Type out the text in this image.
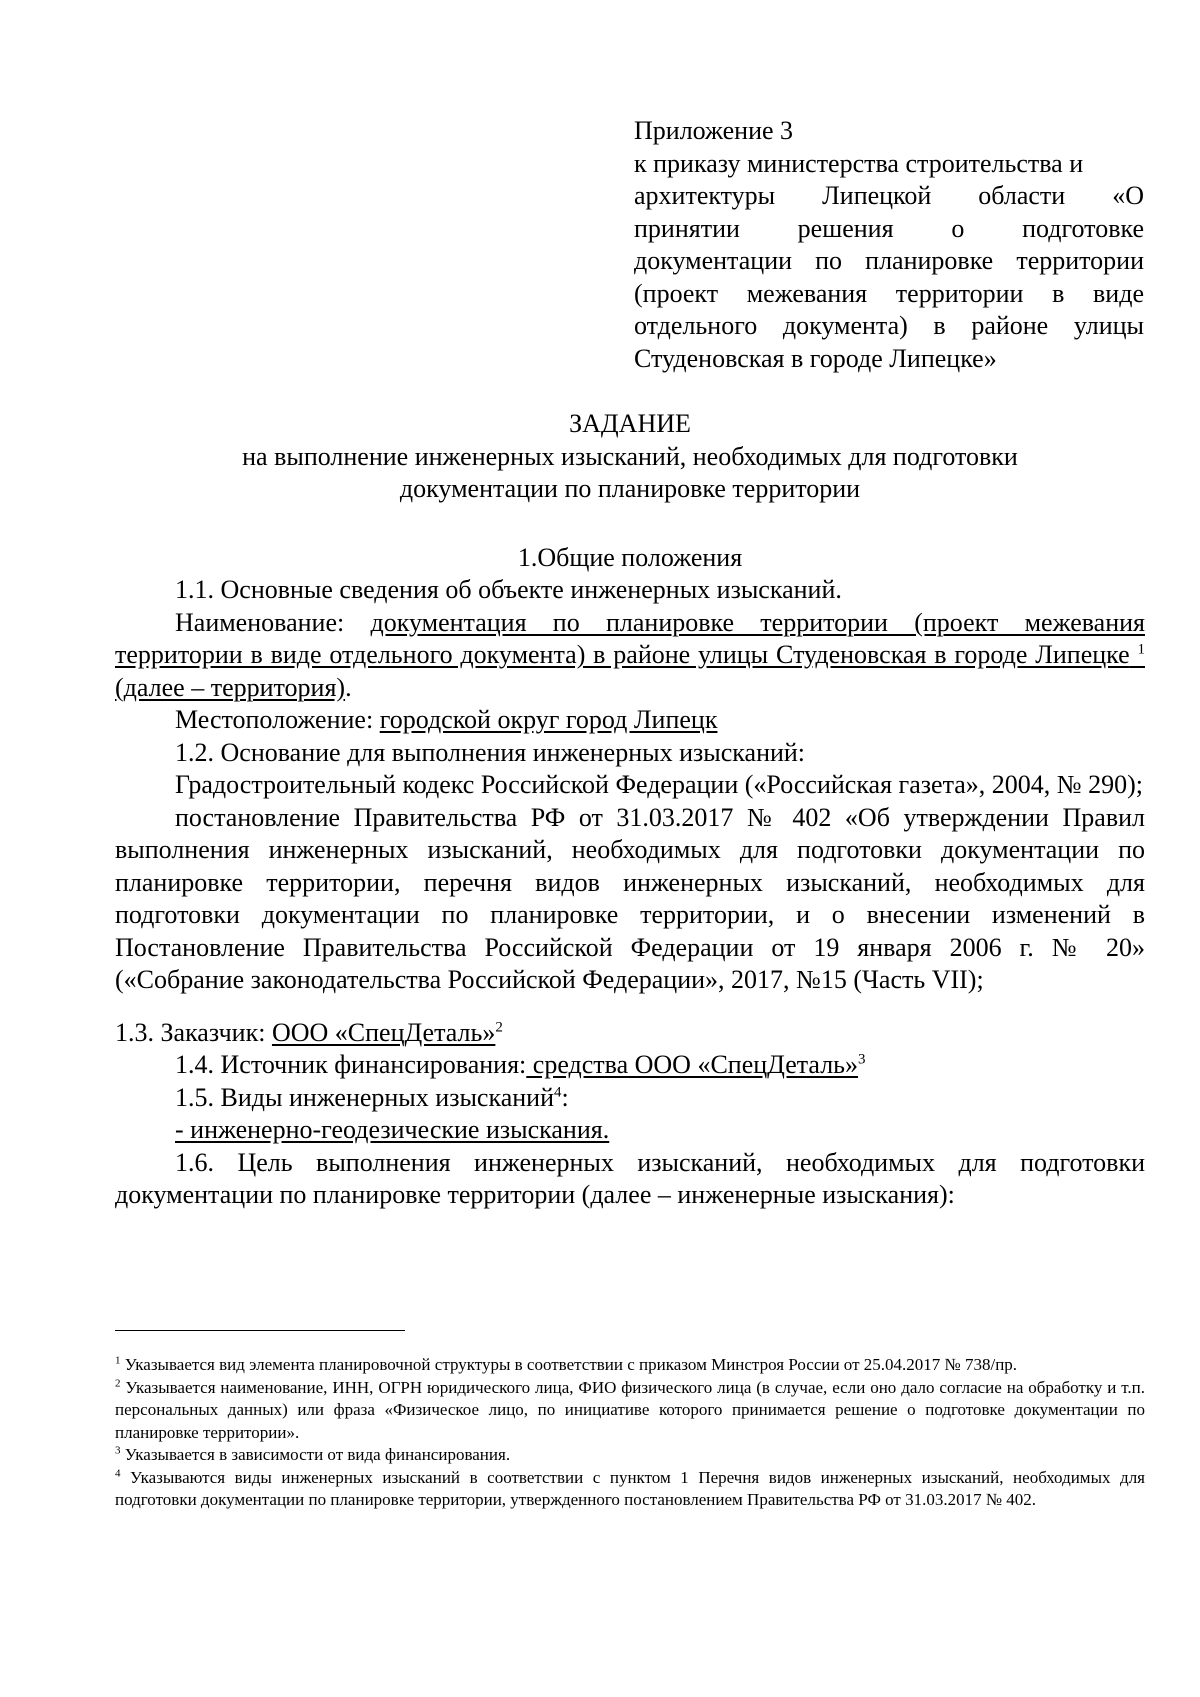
Приложение 3
к приказу министерства строительства и
архитектуры Липецкой области «О
принятии решения о подготовке
документации по планировке территории
(проект межевания территории в виде
отдельного документа) в районе улицы
Студеновская в городе Липецке»
ЗАДАНИЕ
на выполнение инженерных изысканий, необходимых для подготовки
документации по планировке территории
1.Общие положения

1.1. Основные сведения об объекте инженерных изысканий.

Наименование: документация по планировке территории (проект межевания территории в виде отдельного документа) в районе улицы Студеновская в городе Липецке $^1$ (далее – территория).

Местоположение: городской округ город Липецк

1.2. Основание для выполнения инженерных изысканий:

Градостроительный кодекс Российской Федерации («Российская газета», 2004, № 290);

постановление Правительства РФ от 31.03.2017 № 402 «Об утверждении Правил выполнения инженерных изысканий, необходимых для подготовки документации по планировке территории, перечня видов инженерных изысканий, необходимых для подготовки документации по планировке территории, и о внесении изменений в Постановление Правительства Российской Федерации от 19 января 2006 г. № 20» («Собрание законодательства Российской Федерации», 2017, №15 (Часть VII);

1.3. Заказчик: ООО «СпецДеталь»$^2$

1.4. Источник финансирования: средства ООО «СпецДеталь»$^3$

1.5. Виды инженерных изысканий$^4$:

- инженерно-геодезические изыскания.

1.6. Цель выполнения инженерных изысканий, необходимых для подготовки документации по планировке территории (далее – инженерные изыскания):

$^1$ Указывается вид элемента планировочной структуры в соответствии с приказом Минстроя России от 25.04.2017 № 738/пр.

$^2$ Указывается наименование, ИНН, ОГРН юридического лица, ФИО физического лица (в случае, если оно дало согласие на обработку и т.п. персональных данных) или фраза «Физическое лицо, по инициативе которого принимается решение о подготовке документации по планировке территории».

$^3$ Указывается в зависимости от вида финансирования.

$^4$ Указываются виды инженерных изысканий в соответствии с пунктом 1 Перечня видов инженерных изысканий, необходимых для подготовки документации по планировке территории, утвержденного постановлением Правительства РФ от 31.03.2017 № 402.
